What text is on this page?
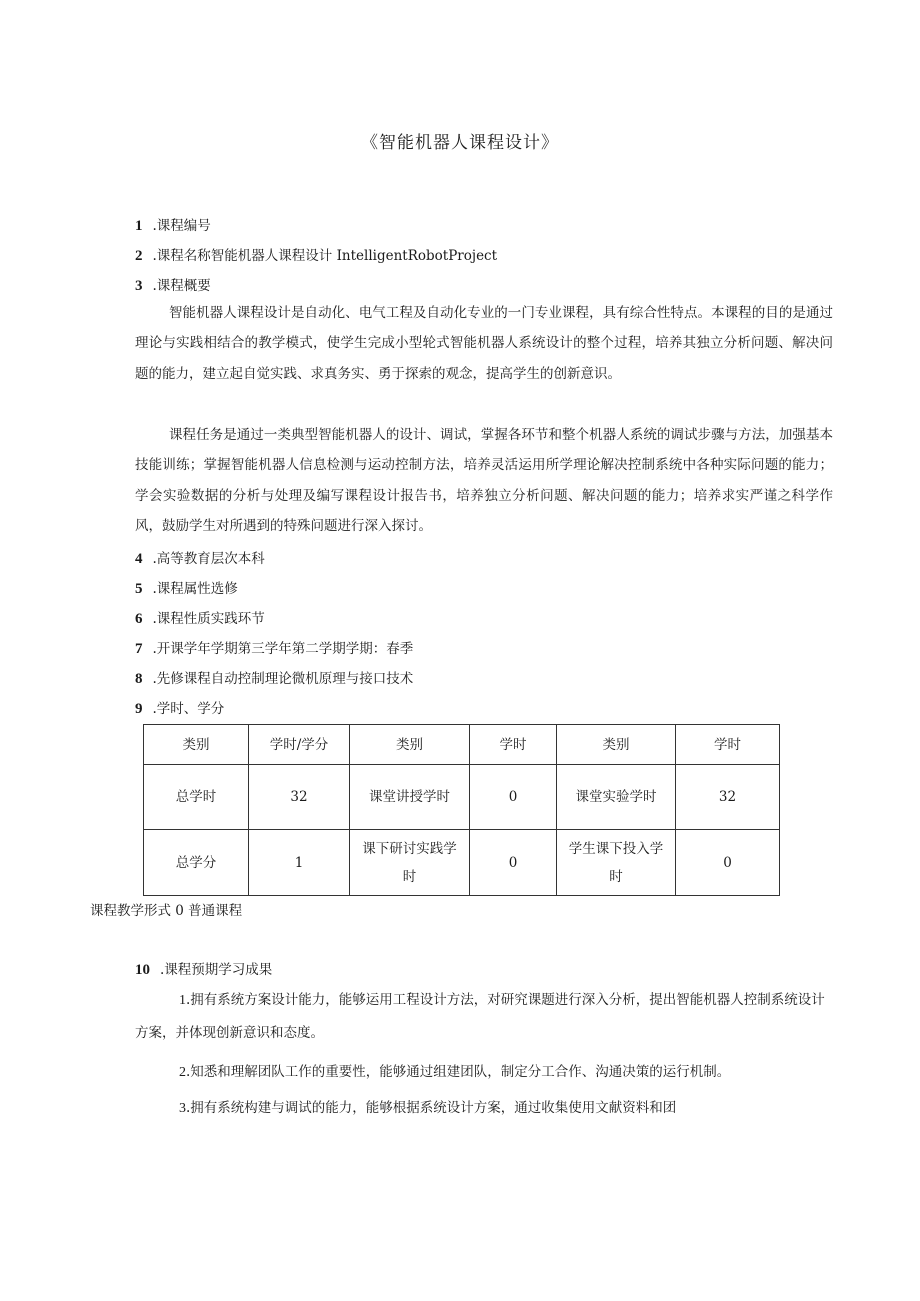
《智能机器人课程设计》
1 .课程编号
2 .课程名称智能机器人课程设计 IntelligentRobotProject
3 .课程概要
智能机器人课程设计是自动化、电气工程及自动化专业的一门专业课程，具有综合性特点。本课程的目的是通过理论与实践相结合的教学模式，使学生完成小型轮式智能机器人系统设计的整个过程，培养其独立分析问题、解决问题的能力，建立起自觉实践、求真务实、勇于探索的观念，提高学生的创新意识。
课程任务是通过一类典型智能机器人的设计、调试，掌握各环节和整个机器人系统的调试步骤与方法，加强基本技能训练；掌握智能机器人信息检测与运动控制方法，培养灵活运用所学理论解决控制系统中各种实际问题的能力；学会实验数据的分析与处理及编写课程设计报告书，培养独立分析问题、解决问题的能力；培养求实严谨之科学作风，鼓励学生对所遇到的特殊问题进行深入探讨。
4 .高等教育层次本科
5 .课程属性选修
6 .课程性质实践环节
7 .开课学年学期第三学年第二学期学期：春季
8 .先修课程自动控制理论微机原理与接口技术
9 .学时、学分
类别	学时/学分	类别	学时	类别	学时
总学时	32	课堂讲授学时	0	课堂实验学时	32
总学分	1	课下研讨实践学时	0	学生课下投入学时	0
课程教学形式 0 普通课程
10 .课程预期学习成果
1.拥有系统方案设计能力，能够运用工程设计方法，对研究课题进行深入分析，提出智能机器人控制系统设计方案，并体现创新意识和态度。
2.知悉和理解团队工作的重要性，能够通过组建团队，制定分工合作、沟通决策的运行机制。
3.拥有系统构建与调试的能力，能够根据系统设计方案，通过收集使用文献资料和团
